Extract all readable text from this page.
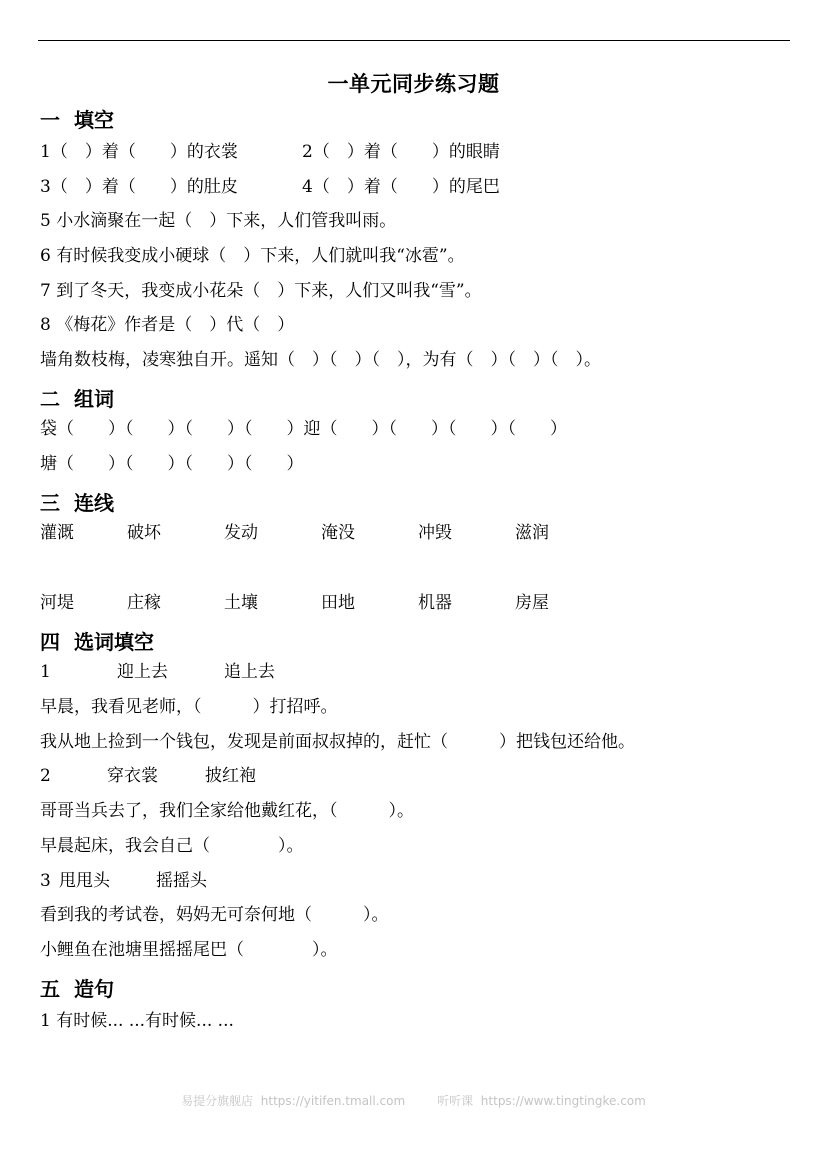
一单元同步练习题
一 填空
1（　）着（　　）的衣裳	2（　）着（　　）的眼睛
3（　）着（　　）的肚皮	4（　）着（　　）的尾巴
5 小水滴聚在一起（　）下来，人们管我叫雨。
6 有时候我变成小硬球（　）下来，人们就叫我“冰雹”。
7 到了冬天，我变成小花朵（　）下来，人们又叫我“雪”。
8 《梅花》作者是（　）代（　）
墙角数枝梅，凌寒独自开。遥知（　）（　）（　），为有（　）（　）（　）。
二 组词
袋（　　）（　　）（　　）（　　）迎（　　）（　　）（　　）（　　）
塘（　　）（　　）（　　）（　　）
三 连线
灌溉	破坏	发动	淹没	冲毁	滋润
河堤	庄稼	土壤	田地	机器	房屋
四 选词填空
1	迎上去	追上去
早晨，我看见老师，（　　　）打招呼。
我从地上捡到一个钱包，发现是前面叔叔掉的，赶忙（　　　）把钱包还给他。
2	穿衣裳	披红袍
哥哥当兵去了，我们全家给他戴红花，（　　　）。
早晨起床，我会自己（　　　　）。
3 甩甩头	摇摇头
看到我的考试卷，妈妈无可奈何地（　　　）。
小鲤鱼在池塘里摇摇尾巴（　　　　）。
五 造句
1 有时候... ...有时候... ...
易提分旗舰店  https://yitifen.tmall.com	听听课  https://www.tingtingke.com
